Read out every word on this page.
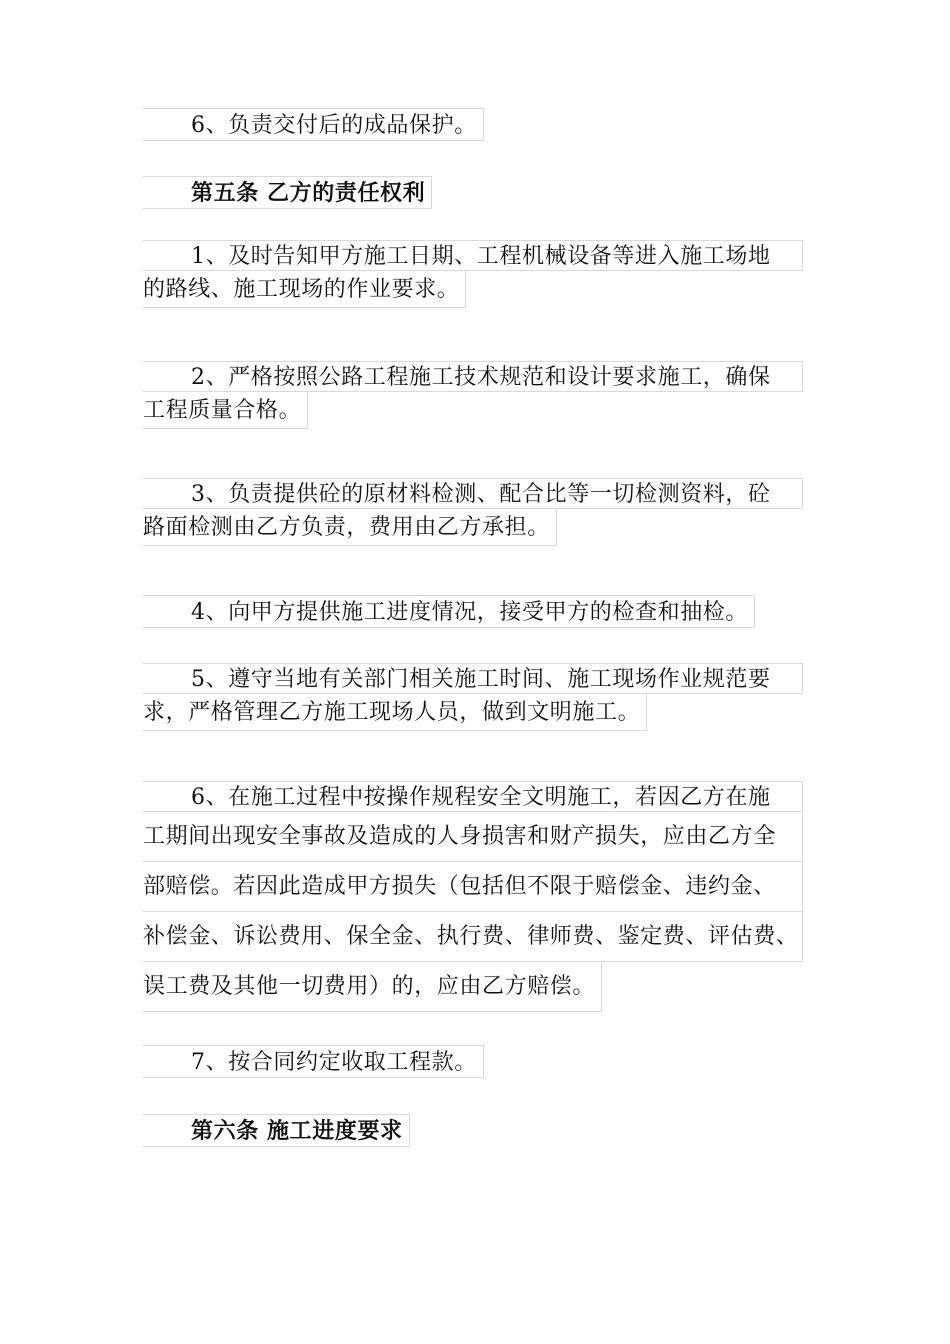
6、负责交付后的成品保护。
第五条 乙方的责任权利
1、及时告知甲方施工日期、工程机械设备等进入施工场地
的路线、施工现场的作业要求。
2、严格按照公路工程施工技术规范和设计要求施工，确保
工程质量合格。
3、负责提供砼的原材料检测、配合比等一切检测资料，砼
路面检测由乙方负责，费用由乙方承担。
4、向甲方提供施工进度情况，接受甲方的检查和抽检。
5、遵守当地有关部门相关施工时间、施工现场作业规范要
求，严格管理乙方施工现场人员，做到文明施工。
6、在施工过程中按操作规程安全文明施工，若因乙方在施
工期间出现安全事故及造成的人身损害和财产损失，应由乙方全
部赔偿。若因此造成甲方损失（包括但不限于赔偿金、违约金、
补偿金、诉讼费用、保全金、执行费、律师费、鉴定费、评估费、
误工费及其他一切费用）的，应由乙方赔偿。
7、按合同约定收取工程款。
第六条 施工进度要求
